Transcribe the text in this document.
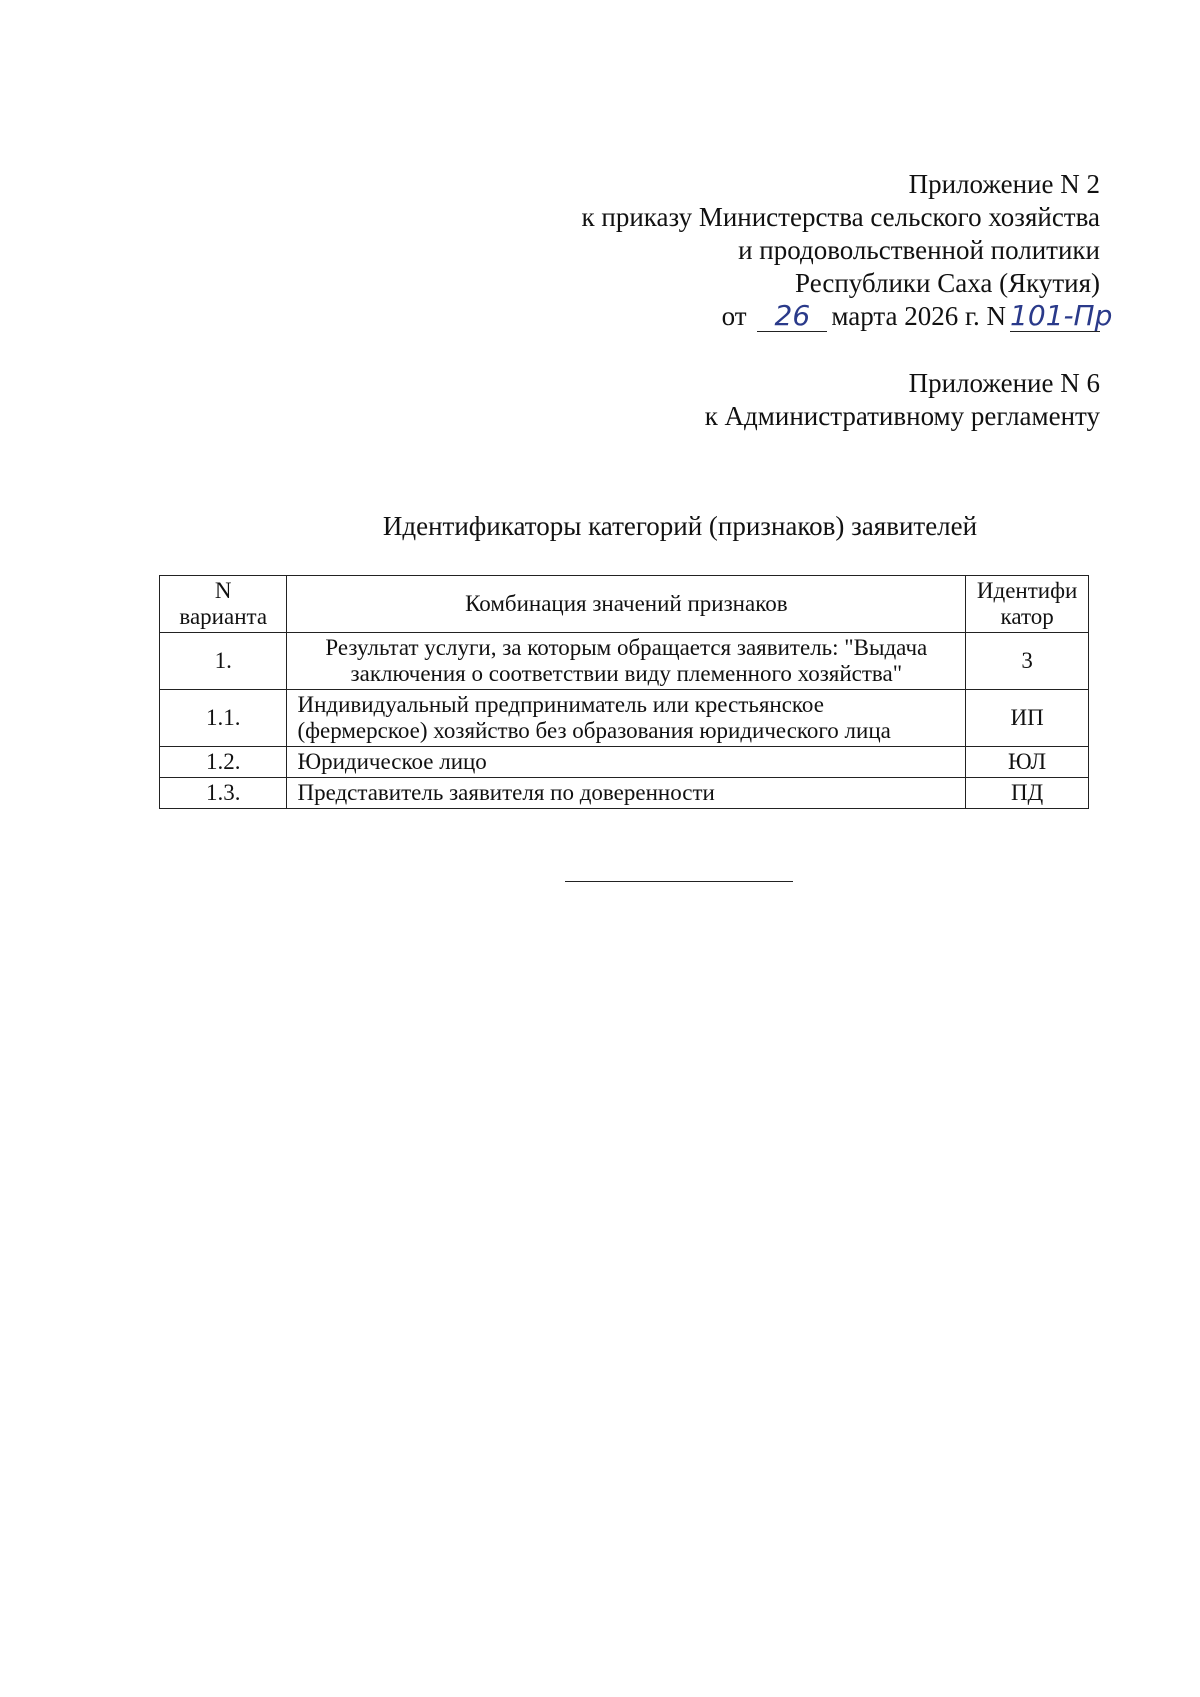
Приложение N 2
к приказу Министерства сельского хозяйства
и продовольственной политики
Республики Саха (Якутия)
от 26 марта 2026 г. N 101-Пр
Приложение N 6
к Административному регламенту
Идентификаторы категорий (признаков) заявителей
N варианта	Комбинация значений признаков	Идентифи катор
1.	Результат услуги, за которым обращается заявитель: "Выдача заключения о соответствии виду племенного хозяйства"	3
1.1.	Индивидуальный предприниматель или крестьянское (фермерское) хозяйство без образования юридического лица	ИП
1.2.	Юридическое лицо	ЮЛ
1.3.	Представитель заявителя по доверенности	ПД
